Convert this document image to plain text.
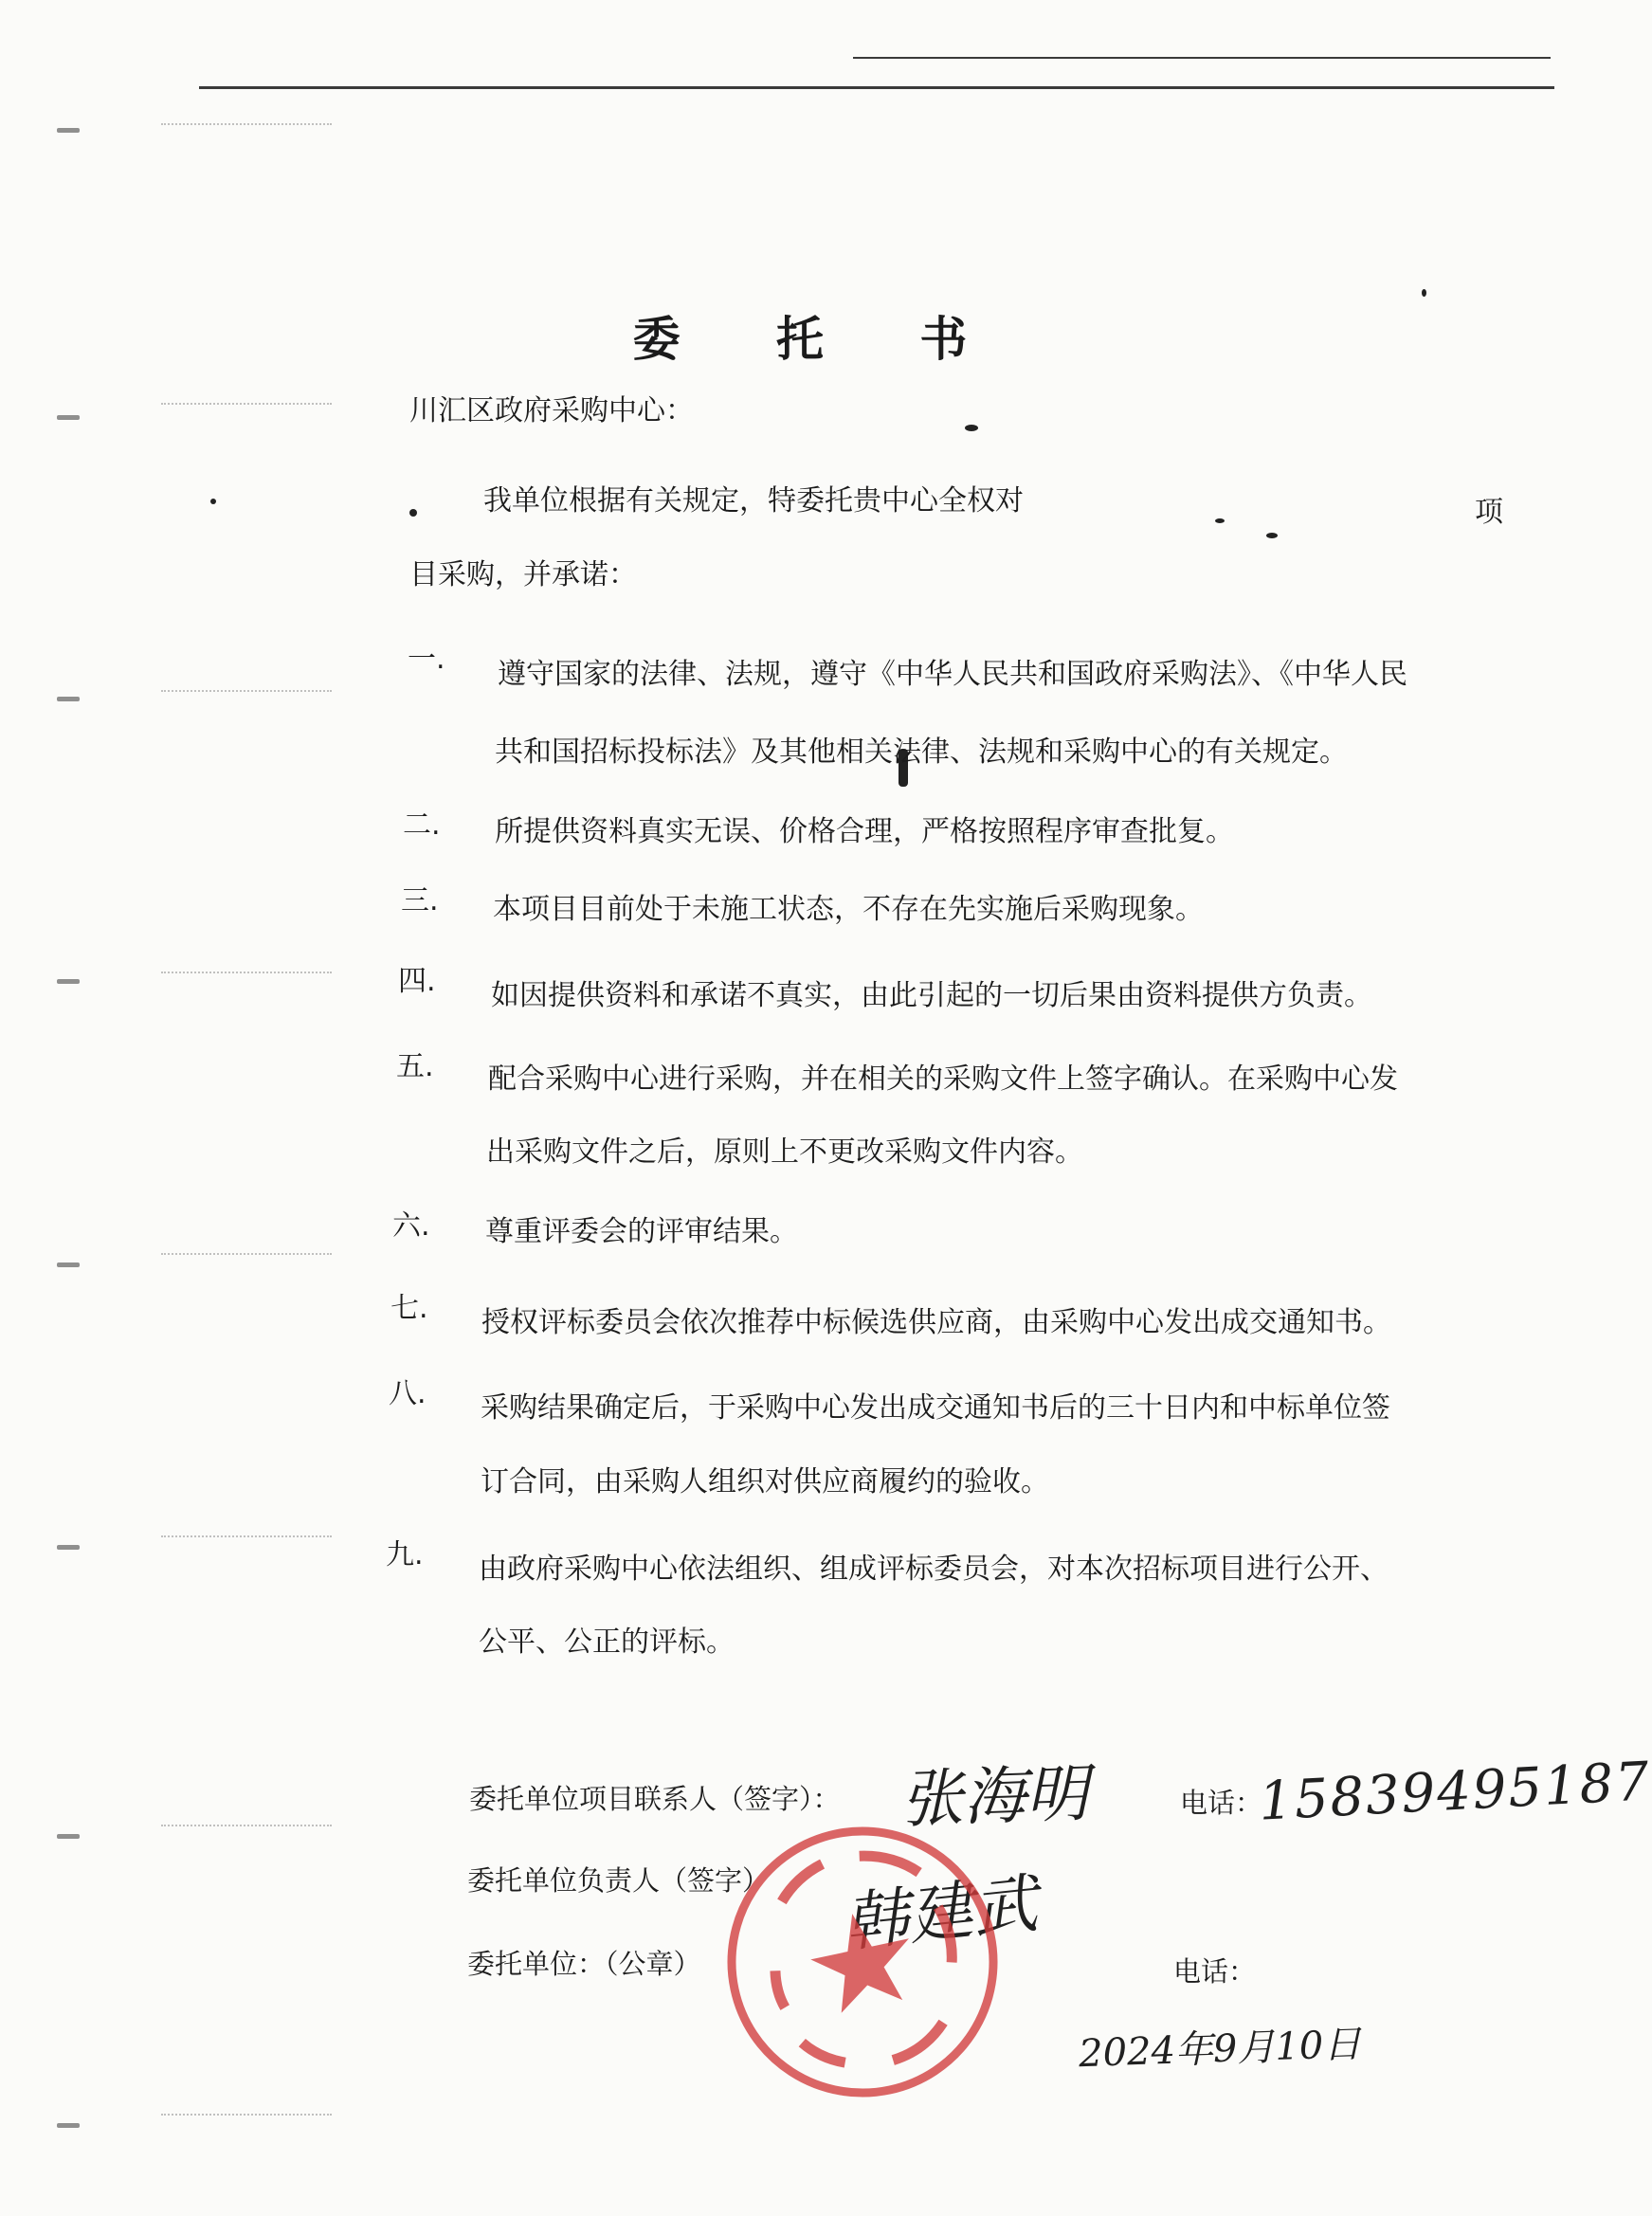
委 托 书
川汇区政府采购中心：
我单位根据有关规定，特委托贵中心全权对	项
目采购，并承诺：
一. 遵守国家的法律、法规，遵守《中华人民共和国政府采购法》、《中华人民
共和国招标投标法》及其他相关法律、法规和采购中心的有关规定。
二. 所提供资料真实无误、价格合理，严格按照程序审查批复。
三. 本项目目前处于未施工状态，不存在先实施后采购现象。
四. 如因提供资料和承诺不真实，由此引起的一切后果由资料提供方负责。
五. 配合采购中心进行采购，并在相关的采购文件上签字确认。在采购中心发
出采购文件之后，原则上不更改采购文件内容。
六. 尊重评委会的评审结果。
七. 授权评标委员会依次推荐中标候选供应商，由采购中心发出成交通知书。
八. 采购结果确定后，于采购中心发出成交通知书后的三十日内和中标单位签
订合同，由采购人组织对供应商履约的验收。
九. 由政府采购中心依法组织、组成评标委员会，对本次招标项目进行公开、
公平、公正的评标。
委托单位项目联系人（签字）： 张海明	电话：
15839495187
委托单位负责人（签字） 韩建武
委托单位：（公章）	电话：
2024年9月10日
